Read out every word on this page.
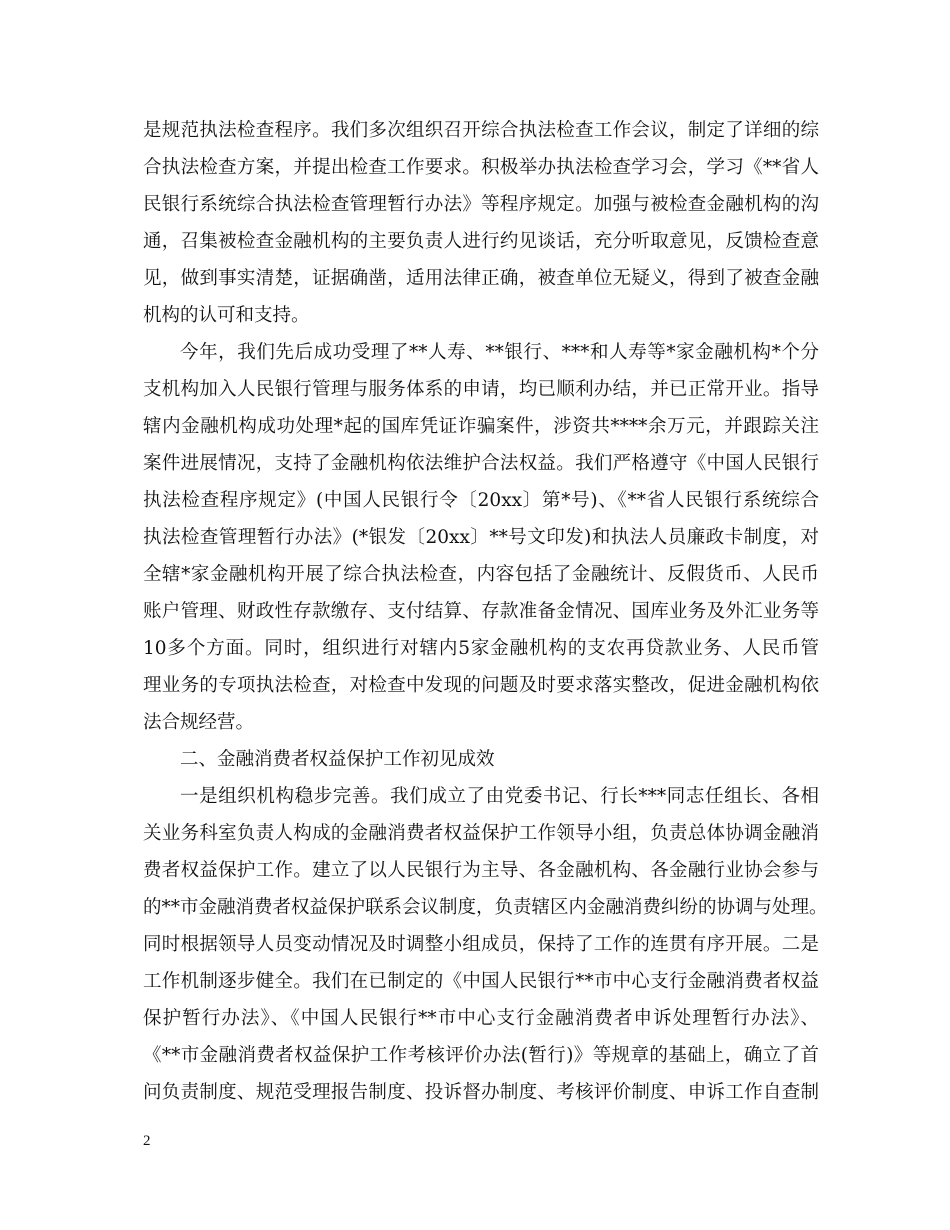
是规范执法检查程序。我们多次组织召开综合执法检查工作会议，制定了详细的综
合执法检查方案，并提出检查工作要求。积极举办执法检查学习会，学习《**省人
民银行系统综合执法检查管理暂行办法》等程序规定。加强与被检查金融机构的沟
通，召集被检查金融机构的主要负责人进行约见谈话，充分听取意见，反馈检查意
见，做到事实清楚，证据确凿，适用法律正确，被查单位无疑义，得到了被查金融
机构的认可和支持。
今年，我们先后成功受理了**人寿、**银行、***和人寿等*家金融机构*个分
支机构加入人民银行管理与服务体系的申请，均已顺利办结，并已正常开业。指导
辖内金融机构成功处理*起的国库凭证诈骗案件，涉资共****余万元，并跟踪关注
案件进展情况，支持了金融机构依法维护合法权益。我们严格遵守《中国人民银行
执法检查程序规定》(中国人民银行令〔20xx〕第*号)、《**省人民银行系统综合
执法检查管理暂行办法》(*银发〔20xx〕**号文印发)和执法人员廉政卡制度，对
全辖*家金融机构开展了综合执法检查，内容包括了金融统计、反假货币、人民币
账户管理、财政性存款缴存、支付结算、存款准备金情况、国库业务及外汇业务等
10多个方面。同时，组织进行对辖内5家金融机构的支农再贷款业务、人民币管
理业务的专项执法检查，对检查中发现的问题及时要求落实整改，促进金融机构依
法合规经营。
二、金融消费者权益保护工作初见成效
一是组织机构稳步完善。我们成立了由党委书记、行长***同志任组长、各相
关业务科室负责人构成的金融消费者权益保护工作领导小组，负责总体协调金融消
费者权益保护工作。建立了以人民银行为主导、各金融机构、各金融行业协会参与
的**市金融消费者权益保护联系会议制度，负责辖区内金融消费纠纷的协调与处理。
同时根据领导人员变动情况及时调整小组成员，保持了工作的连贯有序开展。二是
工作机制逐步健全。我们在已制定的《中国人民银行**市中心支行金融消费者权益
保护暂行办法》、《中国人民银行**市中心支行金融消费者申诉处理暂行办法》、
《**市金融消费者权益保护工作考核评价办法(暂行)》等规章的基础上，确立了首
问负责制度、规范受理报告制度、投诉督办制度、考核评价制度、申诉工作自查制
2
